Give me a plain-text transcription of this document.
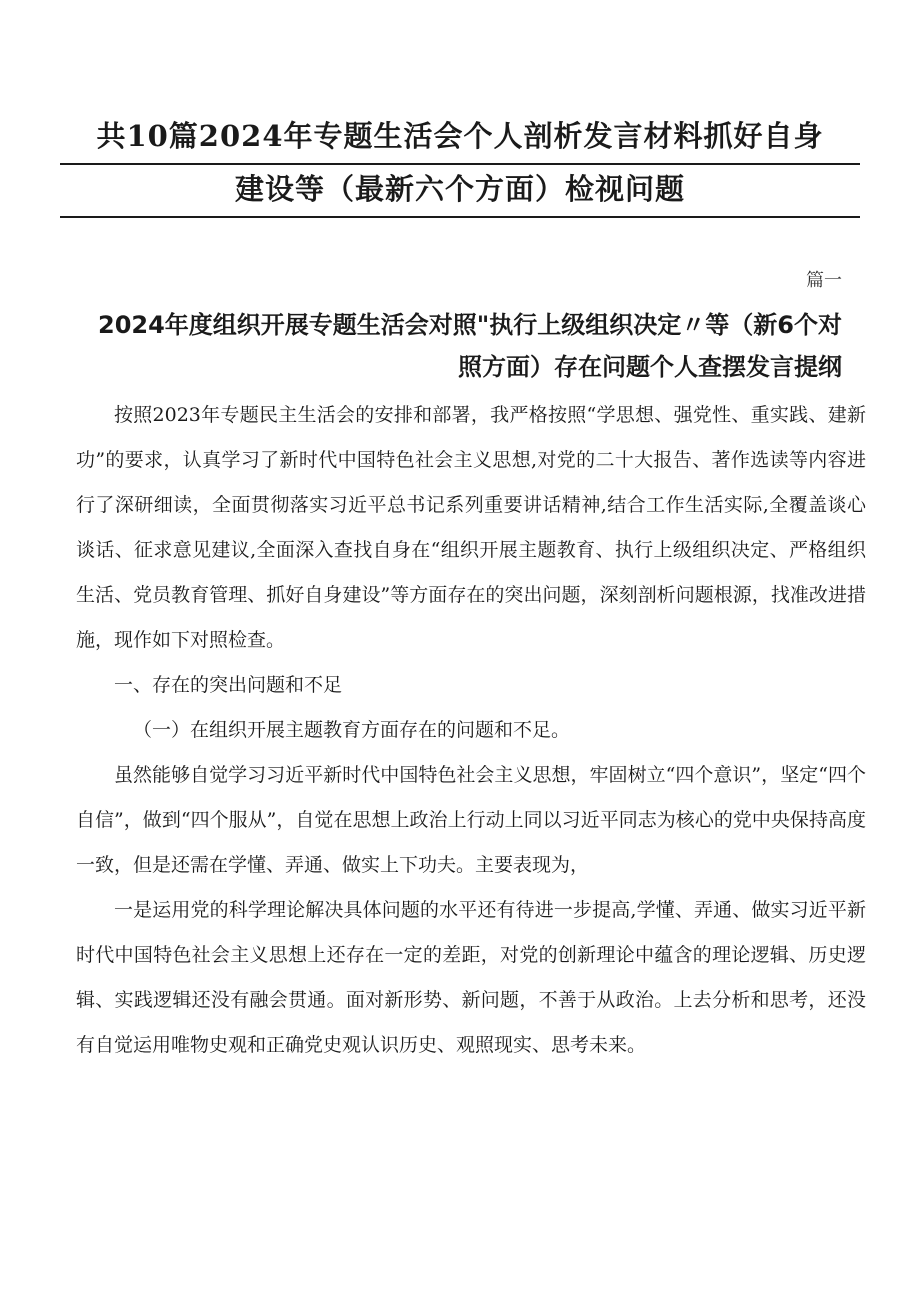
共10篇2024年专题生活会个人剖析发言材料抓好自身
建设等（最新六个方面）检视问题
篇一
2024年度组织开展专题生活会对照"执行上级组织决定〃等（新6个对
照方面）存在问题个人查摆发言提纲

按照2023年专题民主生活会的安排和部署，我严格按照“学思想、强党性、重实践、建新功”的要求，认真学习了新时代中国特色社会主义思想,对党的二十大报告、著作选读等内容进行了深研细读，全面贯彻落实习近平总书记系列重要讲话精神,结合工作生活实际,全覆盖谈心谈话、征求意见建议,全面深入查找自身在“组织开展主题教育、执行上级组织决定、严格组织生活、党员教育管理、抓好自身建设”等方面存在的突出问题，深刻剖析问题根源，找准改进措施，现作如下对照检查。

一、存在的突出问题和不足

（一）在组织开展主题教育方面存在的问题和不足。

虽然能够自觉学习习近平新时代中国特色社会主义思想，牢固树立“四个意识”，坚定“四个自信”，做到“四个服从”，自觉在思想上政治上行动上同以习近平同志为核心的党中央保持高度一致，但是还需在学懂、弄通、做实上下功夫。主要表现为，

一是运用党的科学理论解决具体问题的水平还有待进一步提高,学懂、弄通、做实习近平新时代中国特色社会主义思想上还存在一定的差距，对党的创新理论中蕴含的理论逻辑、历史逻辑、实践逻辑还没有融会贯通。面对新形势、新问题，不善于从政治。上去分析和思考，还没有自觉运用唯物史观和正确党史观认识历史、观照现实、思考未来。
